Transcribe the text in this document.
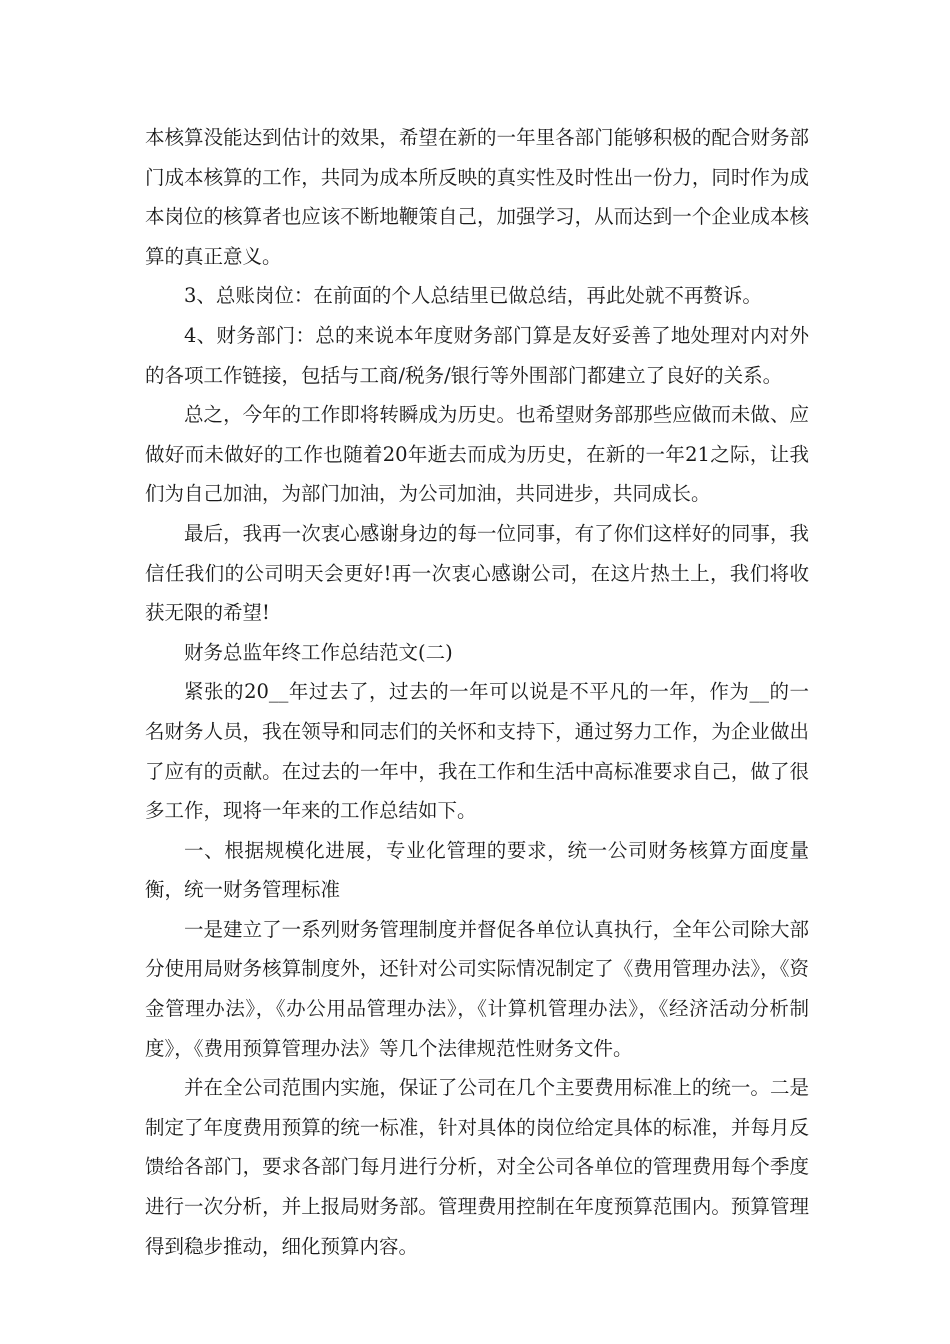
本核算没能达到估计的效果，希望在新的一年里各部门能够积极的配合财务部门成本核算的工作，共同为成本所反映的真实性及时性出一份力，同时作为成本岗位的核算者也应该不断地鞭策自己，加强学习，从而达到一个企业成本核算的真正意义。

3、总账岗位：在前面的个人总结里已做总结，再此处就不再赘诉。

4、财务部门：总的来说本年度财务部门算是友好妥善了地处理对内对外的各项工作链接，包括与工商/税务/银行等外围部门都建立了良好的关系。

总之，今年的工作即将转瞬成为历史。也希望财务部那些应做而未做、应做好而未做好的工作也随着20年逝去而成为历史，在新的一年21之际，让我们为自己加油，为部门加油，为公司加油，共同进步，共同成长。

最后，我再一次衷心感谢身边的每一位同事，有了你们这样好的同事，我信任我们的公司明天会更好!再一次衷心感谢公司，在这片热土上，我们将收获无限的希望!

财务总监年终工作总结范文(二)

紧张的20__年过去了，过去的一年可以说是不平凡的一年，作为__的一名财务人员，我在领导和同志们的关怀和支持下，通过努力工作，为企业做出了应有的贡献。在过去的一年中，我在工作和生活中高标准要求自己，做了很多工作，现将一年来的工作总结如下。

一、根据规模化进展，专业化管理的要求，统一公司财务核算方面度量衡，统一财务管理标准

一是建立了一系列财务管理制度并督促各单位认真执行，全年公司除大部分使用局财务核算制度外，还针对公司实际情况制定了《费用管理办法》，《资金管理办法》，《办公用品管理办法》，《计算机管理办法》，《经济活动分析制度》，《费用预算管理办法》等几个法律规范性财务文件。

并在全公司范围内实施，保证了公司在几个主要费用标准上的统一。二是制定了年度费用预算的统一标准，针对具体的岗位给定具体的标准，并每月反馈给各部门，要求各部门每月进行分析，对全公司各单位的管理费用每个季度进行一次分析，并上报局财务部。管理费用控制在年度预算范围内。预算管理得到稳步推动，细化预算内容。
